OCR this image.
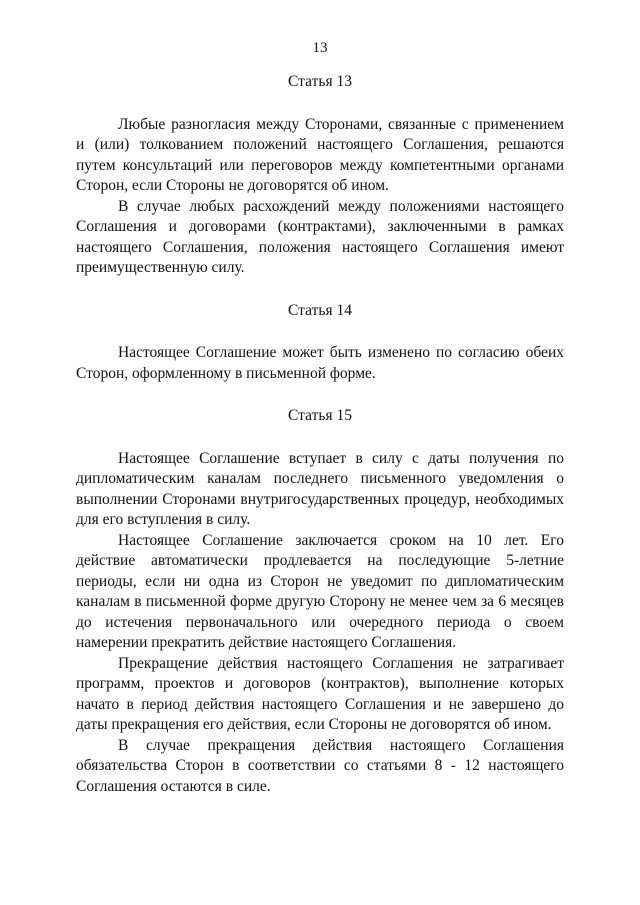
13

Статья 13

Любые разногласия между Сторонами, связанные с применением и (или) толкованием положений настоящего Соглашения, решаются путем консультаций или переговоров между компетентными органами Сторон, если Стороны не договорятся об ином.

В случае любых расхождений между положениями настоящего Соглашения и договорами (контрактами), заключенными в рамках настоящего Соглашения, положения настоящего Соглашения имеют преимущественную силу.

Статья 14

Настоящее Соглашение может быть изменено по согласию обеих Сторон, оформленному в письменной форме.

Статья 15

Настоящее Соглашение вступает в силу с даты получения по дипломатическим каналам последнего письменного уведомления о выполнении Сторонами внутригосударственных процедур, необходимых для его вступления в силу.

Настоящее Соглашение заключается сроком на 10 лет. Его действие автоматически продлевается на последующие 5-летние периоды, если ни одна из Сторон не уведомит по дипломатическим каналам в письменной форме другую Сторону не менее чем за 6 месяцев до истечения первоначального или очередного периода о своем намерении прекратить действие настоящего Соглашения.

Прекращение действия настоящего Соглашения не затрагивает программ, проектов и договоров (контрактов), выполнение которых начато в период действия настоящего Соглашения и не завершено до даты прекращения его действия, если Стороны не договорятся об ином.

В случае прекращения действия настоящего Соглашения обязательства Сторон в соответствии со статьями 8 - 12 настоящего Соглашения остаются в силе.
